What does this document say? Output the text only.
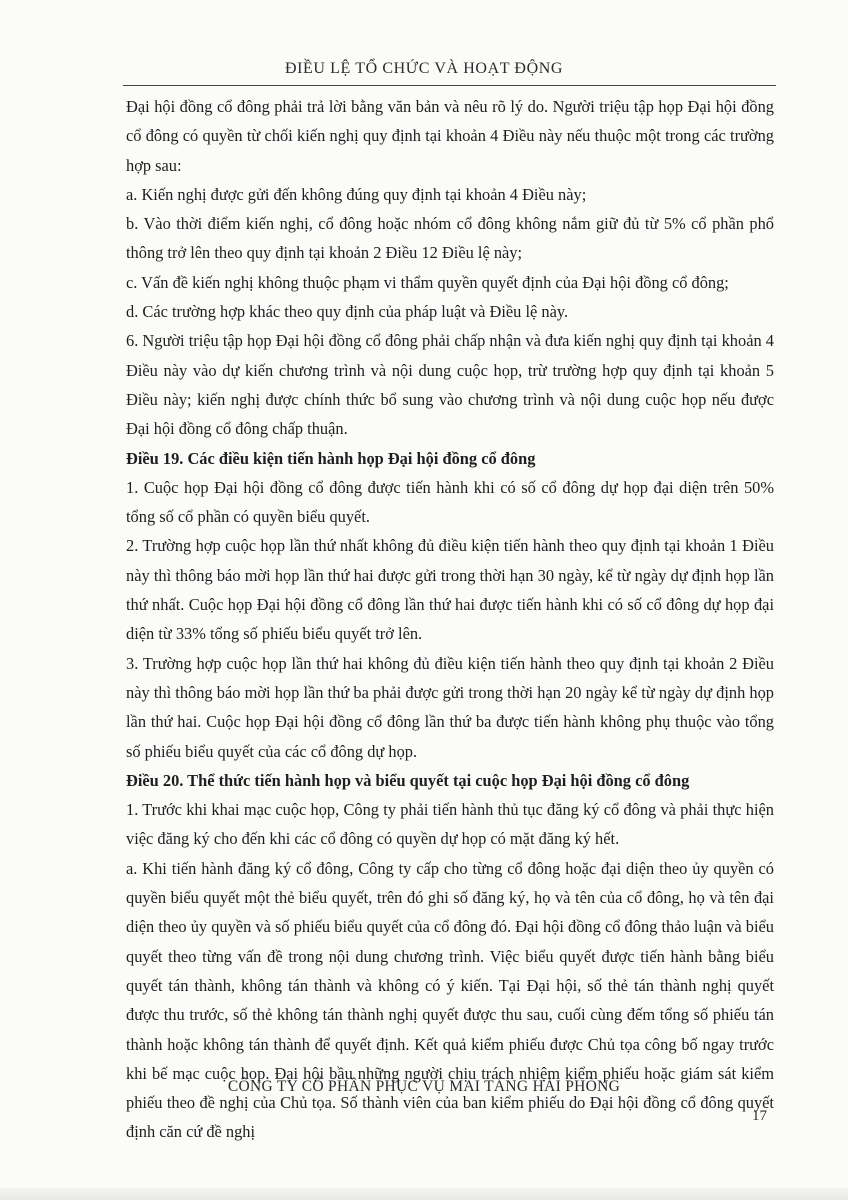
ĐIỀU LỆ TỔ CHỨC VÀ HOẠT ĐỘNG

Đại hội đồng cổ đông phải trả lời bằng văn bản và nêu rõ lý do. Người triệu tập họp Đại hội đồng cổ đông có quyền từ chối kiến nghị quy định tại khoản 4 Điều này nếu thuộc một trong các trường hợp sau:

a. Kiến nghị được gửi đến không đúng quy định tại khoản 4 Điều này;

b. Vào thời điểm kiến nghị, cổ đông hoặc nhóm cổ đông không nắm giữ đủ từ 5% cổ phần phổ thông trở lên theo quy định tại khoản 2 Điều 12 Điều lệ này;

c. Vấn đề kiến nghị không thuộc phạm vi thẩm quyền quyết định của Đại hội đồng cổ đông;

d. Các trường hợp khác theo quy định của pháp luật và Điều lệ này.

6. Người triệu tập họp Đại hội đồng cổ đông phải chấp nhận và đưa kiến nghị quy định tại khoản 4 Điều này vào dự kiến chương trình và nội dung cuộc họp, trừ trường hợp quy định tại khoản 5 Điều này; kiến nghị được chính thức bổ sung vào chương trình và nội dung cuộc họp nếu được Đại hội đồng cổ đông chấp thuận.

Điều 19. Các điều kiện tiến hành họp Đại hội đồng cổ đông

1. Cuộc họp Đại hội đồng cổ đông được tiến hành khi có số cổ đông dự họp đại diện trên 50% tổng số cổ phần có quyền biểu quyết.

2. Trường hợp cuộc họp lần thứ nhất không đủ điều kiện tiến hành theo quy định tại khoản 1 Điều này thì thông báo mời họp lần thứ hai được gửi trong thời hạn 30 ngày, kể từ ngày dự định họp lần thứ nhất. Cuộc họp Đại hội đồng cổ đông lần thứ hai được tiến hành khi có số cổ đông dự họp đại diện từ 33% tổng số phiếu biểu quyết trở lên.

3. Trường hợp cuộc họp lần thứ hai không đủ điều kiện tiến hành theo quy định tại khoản 2 Điều này thì thông báo mời họp lần thứ ba phải được gửi trong thời hạn 20 ngày kể từ ngày dự định họp lần thứ hai. Cuộc họp Đại hội đồng cổ đông lần thứ ba được tiến hành không phụ thuộc vào tổng số phiếu biểu quyết của các cổ đông dự họp.

Điều 20. Thể thức tiến hành họp và biểu quyết tại cuộc họp Đại hội đồng cổ đông

1. Trước khi khai mạc cuộc họp, Công ty phải tiến hành thủ tục đăng ký cổ đông và phải thực hiện việc đăng ký cho đến khi các cổ đông có quyền dự họp có mặt đăng ký hết.

a. Khi tiến hành đăng ký cổ đông, Công ty cấp cho từng cổ đông hoặc đại diện theo ủy quyền có quyền biểu quyết một thẻ biểu quyết, trên đó ghi số đăng ký, họ và tên của cổ đông, họ và tên đại diện theo ủy quyền và số phiếu biểu quyết của cổ đông đó. Đại hội đồng cổ đông thảo luận và biểu quyết theo từng vấn đề trong nội dung chương trình. Việc biểu quyết được tiến hành bằng biểu quyết tán thành, không tán thành và không có ý kiến. Tại Đại hội, số thẻ tán thành nghị quyết được thu trước, số thẻ không tán thành nghị quyết được thu sau, cuối cùng đếm tổng số phiếu tán thành hoặc không tán thành để quyết định. Kết quả kiểm phiếu được Chủ tọa công bố ngay trước khi bế mạc cuộc họp. Đại hội bầu những người chịu trách nhiệm kiểm phiếu hoặc giám sát kiểm phiếu theo đề nghị của Chủ tọa. Số thành viên của ban kiểm phiếu do Đại hội đồng cổ đông quyết định căn cứ đề nghị

CÔNG TY CỔ PHẦN PHỤC VỤ MAI TÁNG HẢI PHÒNG
17
